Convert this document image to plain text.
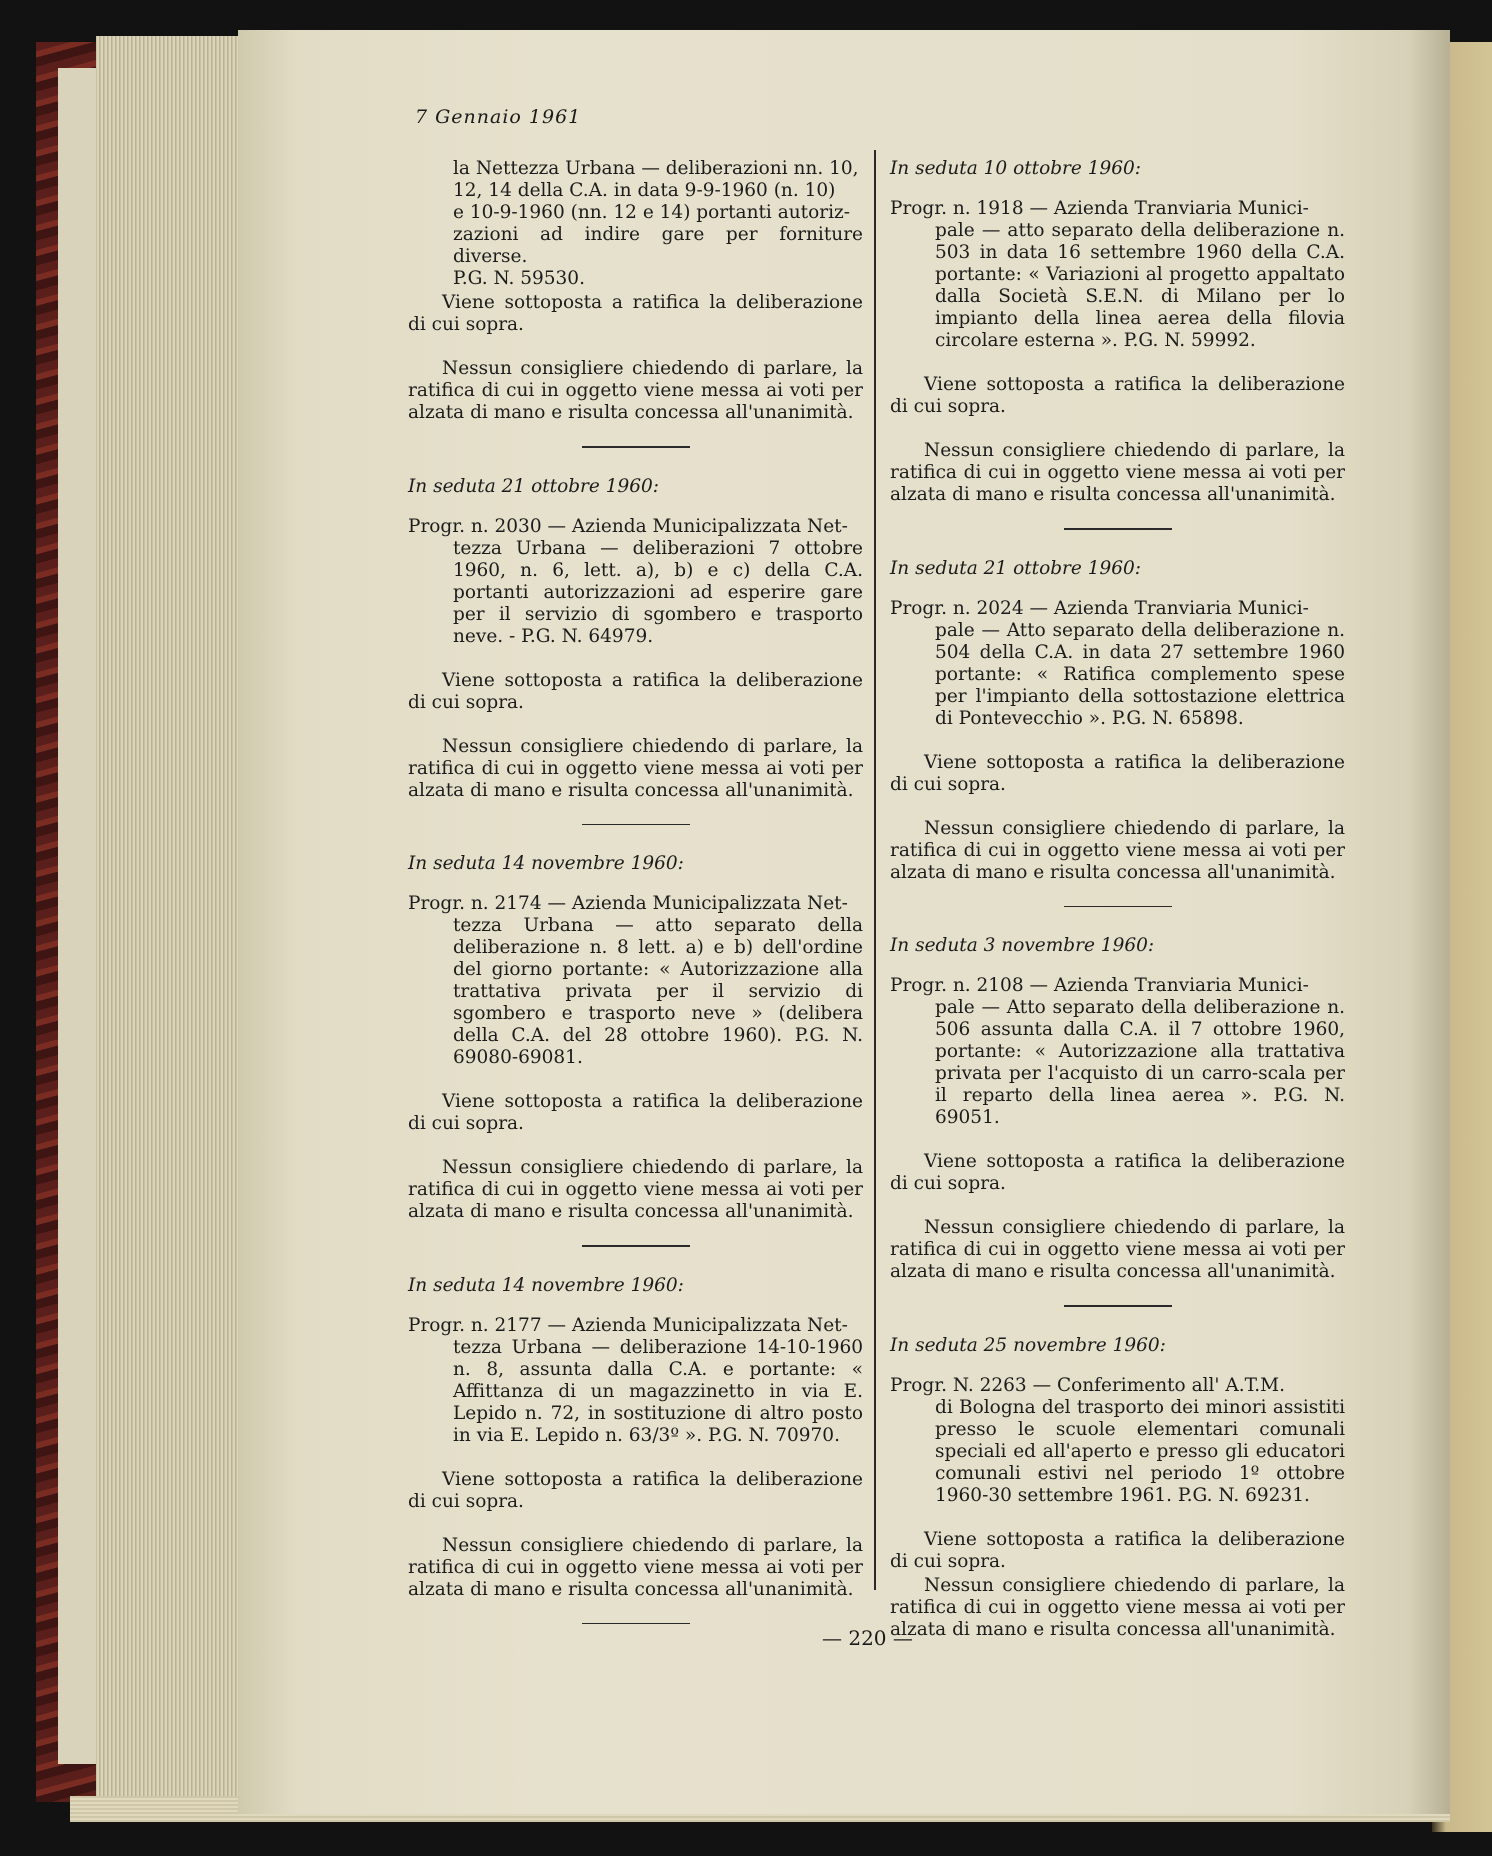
7 Gennaio 1961
la Nettezza Urbana — deliberazioni nn. 10,
12, 14 della C.A. in data 9-9-1960 (n. 10)
e 10-9-1960 (nn. 12 e 14) portanti autoriz-
zazioni ad indire gare per forniture diverse.
P.G. N. 59530.

Viene sottoposta a ratifica la deliberazione di cui sopra.

Nessun consigliere chiedendo di parlare, la ratifica di cui in oggetto viene messa ai voti per alzata di mano e risulta concessa all'unanimità.

In seduta 21 ottobre 1960:
Progr. n. 2030 — Azienda Municipalizzata Net-
tezza Urbana — deliberazioni 7 ottobre 1960, n. 6, lett. a), b) e c) della C.A. portanti autorizzazioni ad esperire gare per il servizio di sgombero e trasporto neve. - P.G. N. 64979.

Viene sottoposta a ratifica la deliberazione di cui sopra.

Nessun consigliere chiedendo di parlare, la ratifica di cui in oggetto viene messa ai voti per alzata di mano e risulta concessa all'unanimità.

In seduta 14 novembre 1960:
Progr. n. 2174 — Azienda Municipalizzata Net-
tezza Urbana — atto separato della deliberazione n. 8 lett. a) e b) dell'ordine del giorno portante: « Autorizzazione alla trattativa privata per il servizio di sgombero e trasporto neve » (delibera della C.A. del 28 ottobre 1960). P.G. N. 69080-69081.

Viene sottoposta a ratifica la deliberazione di cui sopra.

Nessun consigliere chiedendo di parlare, la ratifica di cui in oggetto viene messa ai voti per alzata di mano e risulta concessa all'unanimità.

In seduta 14 novembre 1960:
Progr. n. 2177 — Azienda Municipalizzata Net-
tezza Urbana — deliberazione 14-10-1960 n. 8, assunta dalla C.A. e portante: « Affittanza di un magazzinetto in via E. Lepido n. 72, in sostituzione di altro posto in via E. Lepido n. 63/3º ». P.G. N. 70970.

Viene sottoposta a ratifica la deliberazione di cui sopra.

Nessun consigliere chiedendo di parlare, la ratifica di cui in oggetto viene messa ai voti per alzata di mano e risulta concessa all'unanimità.

In seduta 10 ottobre 1960:
Progr. n. 1918 — Azienda Tranviaria Munici-
pale — atto separato della deliberazione n. 503 in data 16 settembre 1960 della C.A. portante: « Variazioni al progetto appaltato dalla Società S.E.N. di Milano per lo impianto della linea aerea della filovia circolare esterna ». P.G. N. 59992.

Viene sottoposta a ratifica la deliberazione di cui sopra.

Nessun consigliere chiedendo di parlare, la ratifica di cui in oggetto viene messa ai voti per alzata di mano e risulta concessa all'unanimità.

In seduta 21 ottobre 1960:
Progr. n. 2024 — Azienda Tranviaria Munici-
pale — Atto separato della deliberazione n. 504 della C.A. in data 27 settembre 1960 portante: « Ratifica complemento spese per l'impianto della sottostazione elettrica di Pontevecchio ». P.G. N. 65898.

Viene sottoposta a ratifica la deliberazione di cui sopra.

Nessun consigliere chiedendo di parlare, la ratifica di cui in oggetto viene messa ai voti per alzata di mano e risulta concessa all'unanimità.

In seduta 3 novembre 1960:
Progr. n. 2108 — Azienda Tranviaria Munici-
pale — Atto separato della deliberazione n. 506 assunta dalla C.A. il 7 ottobre 1960, portante: « Autorizzazione alla trattativa privata per l'acquisto di un carro-scala per il reparto della linea aerea ». P.G. N. 69051.

Viene sottoposta a ratifica la deliberazione di cui sopra.

Nessun consigliere chiedendo di parlare, la ratifica di cui in oggetto viene messa ai voti per alzata di mano e risulta concessa all'unanimità.

In seduta 25 novembre 1960:
Progr. N. 2263 — Conferimento all' A.T.M.
di Bologna del trasporto dei minori assistiti presso le scuole elementari comunali speciali ed all'aperto e presso gli educatori comunali estivi nel periodo 1º ottobre 1960-30 settembre 1961. P.G. N. 69231.

Viene sottoposta a ratifica la deliberazione di cui sopra.

Nessun consigliere chiedendo di parlare, la ratifica di cui in oggetto viene messa ai voti per alzata di mano e risulta concessa all'unanimità.

— 220 —
